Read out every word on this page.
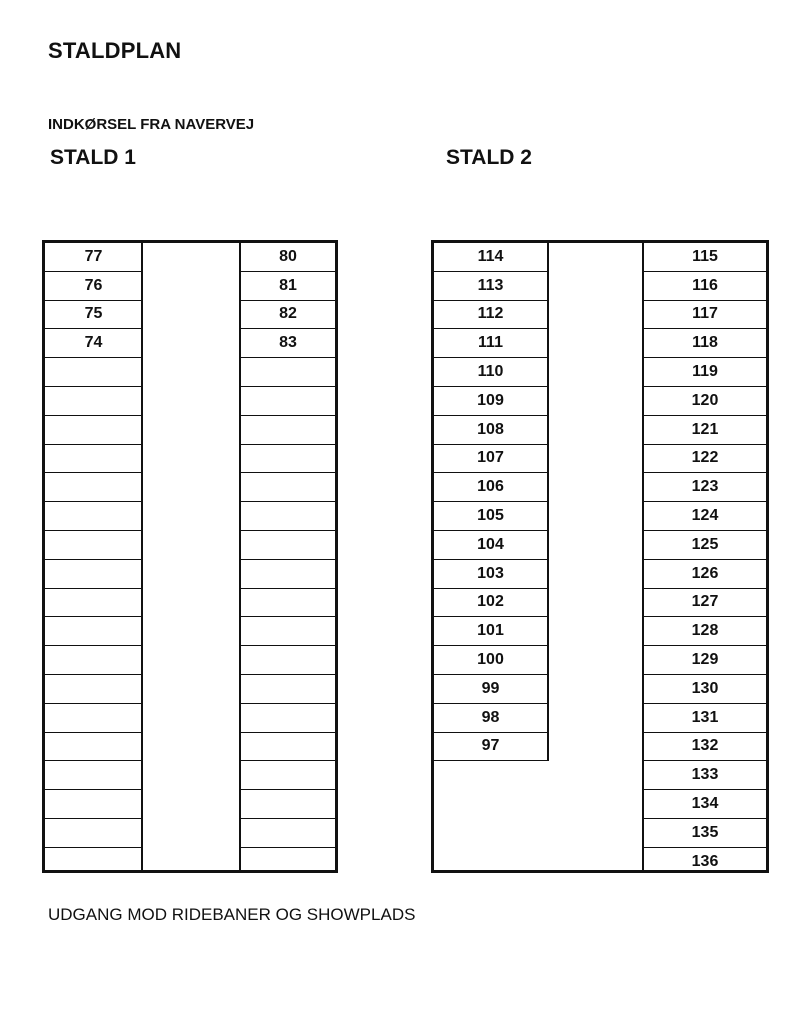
STALDPLAN
INDKØRSEL FRA NAVERVEJ
STALD 1	STALD 2
77
76
75
74
80
81
82
83
114
113
112
111
110
109
108
107
106
105
104
103
102
101
100
99
98
97
115
116
117
118
119
120
121
122
123
124
125
126
127
128
129
130
131
132
133
134
135
136
UDGANG MOD RIDEBANER OG SHOWPLADS
